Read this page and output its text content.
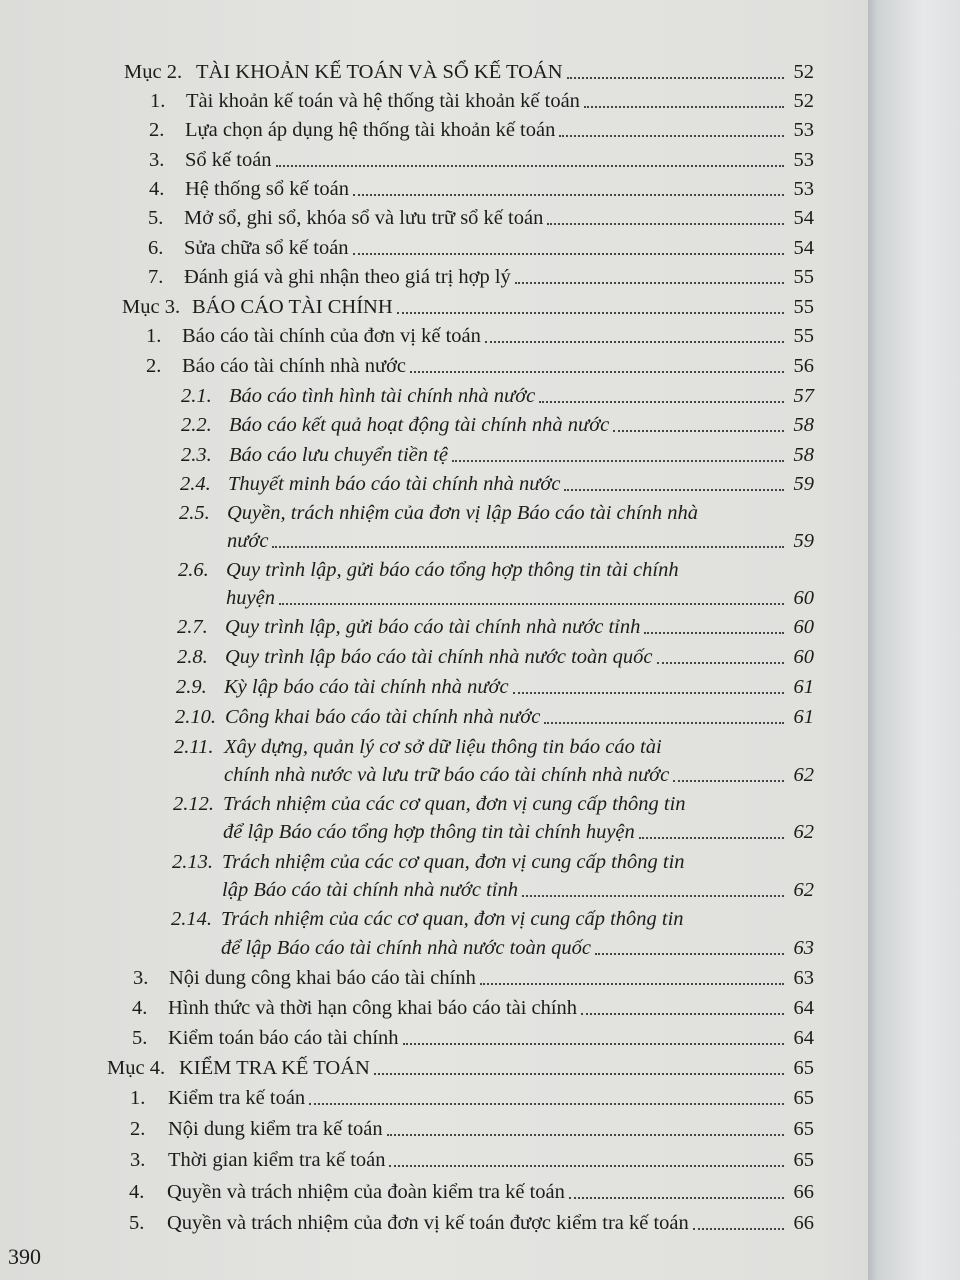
Mục 2. TÀI KHOẢN KẾ TOÁN VÀ SỔ KẾ TOÁN	52
1.	Tài khoản kế toán và hệ thống tài khoản kế toán	52
2.	Lựa chọn áp dụng hệ thống tài khoản kế toán	53
3.	Sổ kế toán	53
4.	Hệ thống sổ kế toán	53
5.	Mở sổ, ghi sổ, khóa sổ và lưu trữ sổ kế toán	54
6.	Sửa chữa sổ kế toán	54
7.	Đánh giá và ghi nhận theo giá trị hợp lý	55
Mục 3. BÁO CÁO TÀI CHÍNH	55
1.	Báo cáo tài chính của đơn vị kế toán	55
2.	Báo cáo tài chính nhà nước	56
2.1. Báo cáo tình hình tài chính nhà nước	57
2.2. Báo cáo kết quả hoạt động tài chính nhà nước	58
2.3. Báo cáo lưu chuyển tiền tệ	58
2.4. Thuyết minh báo cáo tài chính nhà nước	59
2.5. Quyền, trách nhiệm của đơn vị lập Báo cáo tài chính nhà
nước	59
2.6. Quy trình lập, gửi báo cáo tổng hợp thông tin tài chính
huyện	60
2.7. Quy trình lập, gửi báo cáo tài chính nhà nước tỉnh	60
2.8. Quy trình lập báo cáo tài chính nhà nước toàn quốc	60
2.9. Kỳ lập báo cáo tài chính nhà nước	61
2.10. Công khai báo cáo tài chính nhà nước	61
2.11. Xây dựng, quản lý cơ sở dữ liệu thông tin báo cáo tài
chính nhà nước và lưu trữ báo cáo tài chính nhà nước	62
2.12. Trách nhiệm của các cơ quan, đơn vị cung cấp thông tin
để lập Báo cáo tổng hợp thông tin tài chính huyện	62
2.13. Trách nhiệm của các cơ quan, đơn vị cung cấp thông tin
lập Báo cáo tài chính nhà nước tỉnh	62
2.14. Trách nhiệm của các cơ quan, đơn vị cung cấp thông tin
để lập Báo cáo tài chính nhà nước toàn quốc	63
3.	Nội dung công khai báo cáo tài chính	63
4.	Hình thức và thời hạn công khai báo cáo tài chính	64
5.	Kiểm toán báo cáo tài chính	64
Mục 4. KIỂM TRA KẾ TOÁN	65
1.	Kiểm tra kế toán	65
2.	Nội dung kiểm tra kế toán	65
3.	Thời gian kiểm tra kế toán	65
4.	Quyền và trách nhiệm của đoàn kiểm tra kế toán	66
5.	Quyền và trách nhiệm của đơn vị kế toán được kiểm tra kế toán	66
390
